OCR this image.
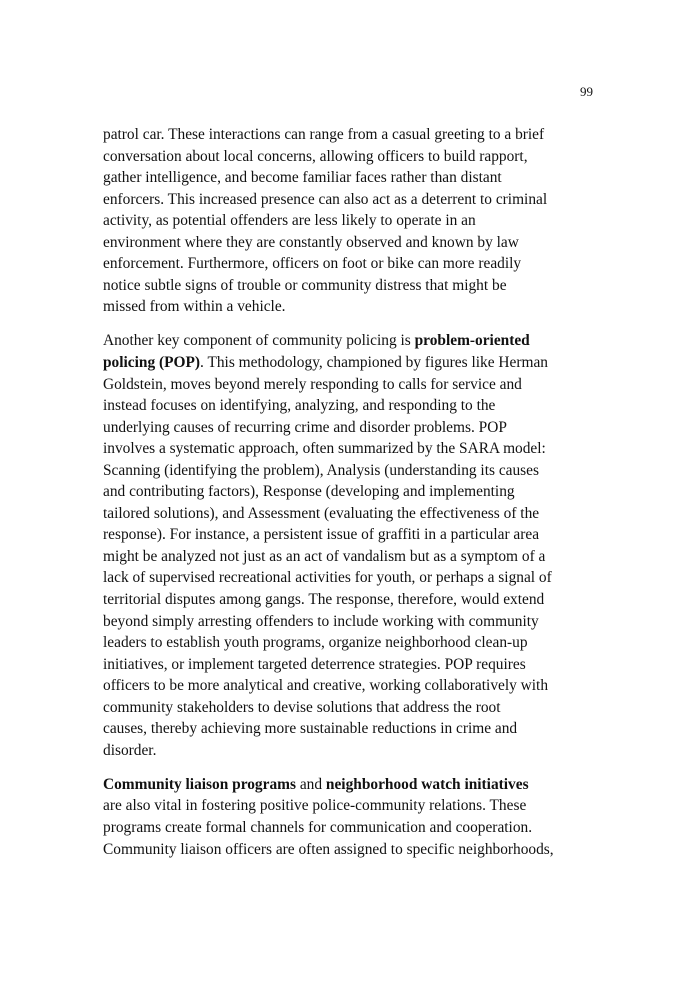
99

patrol car. These interactions can range from a casual greeting to a brief
conversation about local concerns, allowing officers to build rapport,
gather intelligence, and become familiar faces rather than distant
enforcers. This increased presence can also act as a deterrent to criminal
activity, as potential offenders are less likely to operate in an
environment where they are constantly observed and known by law
enforcement. Furthermore, officers on foot or bike can more readily
notice subtle signs of trouble or community distress that might be
missed from within a vehicle.

Another key component of community policing is problem-oriented
policing (POP). This methodology, championed by figures like Herman
Goldstein, moves beyond merely responding to calls for service and
instead focuses on identifying, analyzing, and responding to the
underlying causes of recurring crime and disorder problems. POP
involves a systematic approach, often summarized by the SARA model:
Scanning (identifying the problem), Analysis (understanding its causes
and contributing factors), Response (developing and implementing
tailored solutions), and Assessment (evaluating the effectiveness of the
response). For instance, a persistent issue of graffiti in a particular area
might be analyzed not just as an act of vandalism but as a symptom of a
lack of supervised recreational activities for youth, or perhaps a signal of
territorial disputes among gangs. The response, therefore, would extend
beyond simply arresting offenders to include working with community
leaders to establish youth programs, organize neighborhood clean-up
initiatives, or implement targeted deterrence strategies. POP requires
officers to be more analytical and creative, working collaboratively with
community stakeholders to devise solutions that address the root
causes, thereby achieving more sustainable reductions in crime and
disorder.

Community liaison programs and neighborhood watch initiatives
are also vital in fostering positive police-community relations. These
programs create formal channels for communication and cooperation.
Community liaison officers are often assigned to specific neighborhoods,
